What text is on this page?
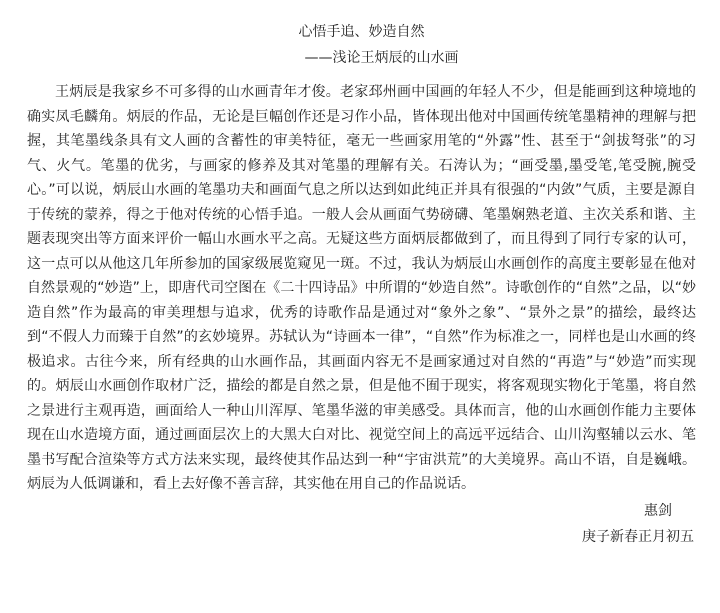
心悟手追、妙造自然
——浅论王炳辰的山水画

王炳辰是我家乡不可多得的山水画青年才俊。老家邳州画中国画的年轻人不少，但是能画到这种境地的确实凤毛麟角。炳辰的作品，无论是巨幅创作还是习作小品，皆体现出他对中国画传统笔墨精神的理解与把握，其笔墨线条具有文人画的含蓄性的审美特征，毫无一些画家用笔的“外露”性、甚至于“剑拔弩张”的习气、火气。笔墨的优劣，与画家的修养及其对笔墨的理解有关。石涛认为；“画受墨,墨受笔,笔受腕,腕受心。”可以说，炳辰山水画的笔墨功夫和画面气息之所以达到如此纯正并具有很强的“内敛”气质，主要是源自于传统的蒙养，得之于他对传统的心悟手追。一般人会从画面气势磅礴、笔墨娴熟老道、主次关系和谐、主题表现突出等方面来评价一幅山水画水平之高。无疑这些方面炳辰都做到了，而且得到了同行专家的认可，这一点可以从他这几年所参加的国家级展览窥见一斑。不过，我认为炳辰山水画创作的高度主要彰显在他对自然景观的“妙造”上，即唐代司空图在《二十四诗品》中所谓的“妙造自然”。诗歌创作的“自然”之品，以“妙造自然”作为最高的审美理想与追求，优秀的诗歌作品是通过对“象外之象”、“景外之景”的描绘，最终达到“不假人力而臻于自然”的玄妙境界。苏轼认为“诗画本一律”，“自然”作为标准之一，同样也是山水画的终极追求。古往今来，所有经典的山水画作品，其画面内容无不是画家通过对自然的“再造”与“妙造”而实现的。炳辰山水画创作取材广泛，描绘的都是自然之景，但是他不囿于现实，将客观现实物化于笔墨，将自然之景进行主观再造，画面给人一种山川浑厚、笔墨华滋的审美感受。具体而言，他的山水画创作能力主要体现在山水造境方面，通过画面层次上的大黑大白对比、视觉空间上的高远平远结合、山川沟壑辅以云水、笔墨书写配合渲染等方式方法来实现，最终使其作品达到一种“宇宙洪荒”的大美境界。高山不语，自是巍峨。炳辰为人低调谦和，看上去好像不善言辞，其实他在用自己的作品说话。

惠剑
庚子新春正月初五
